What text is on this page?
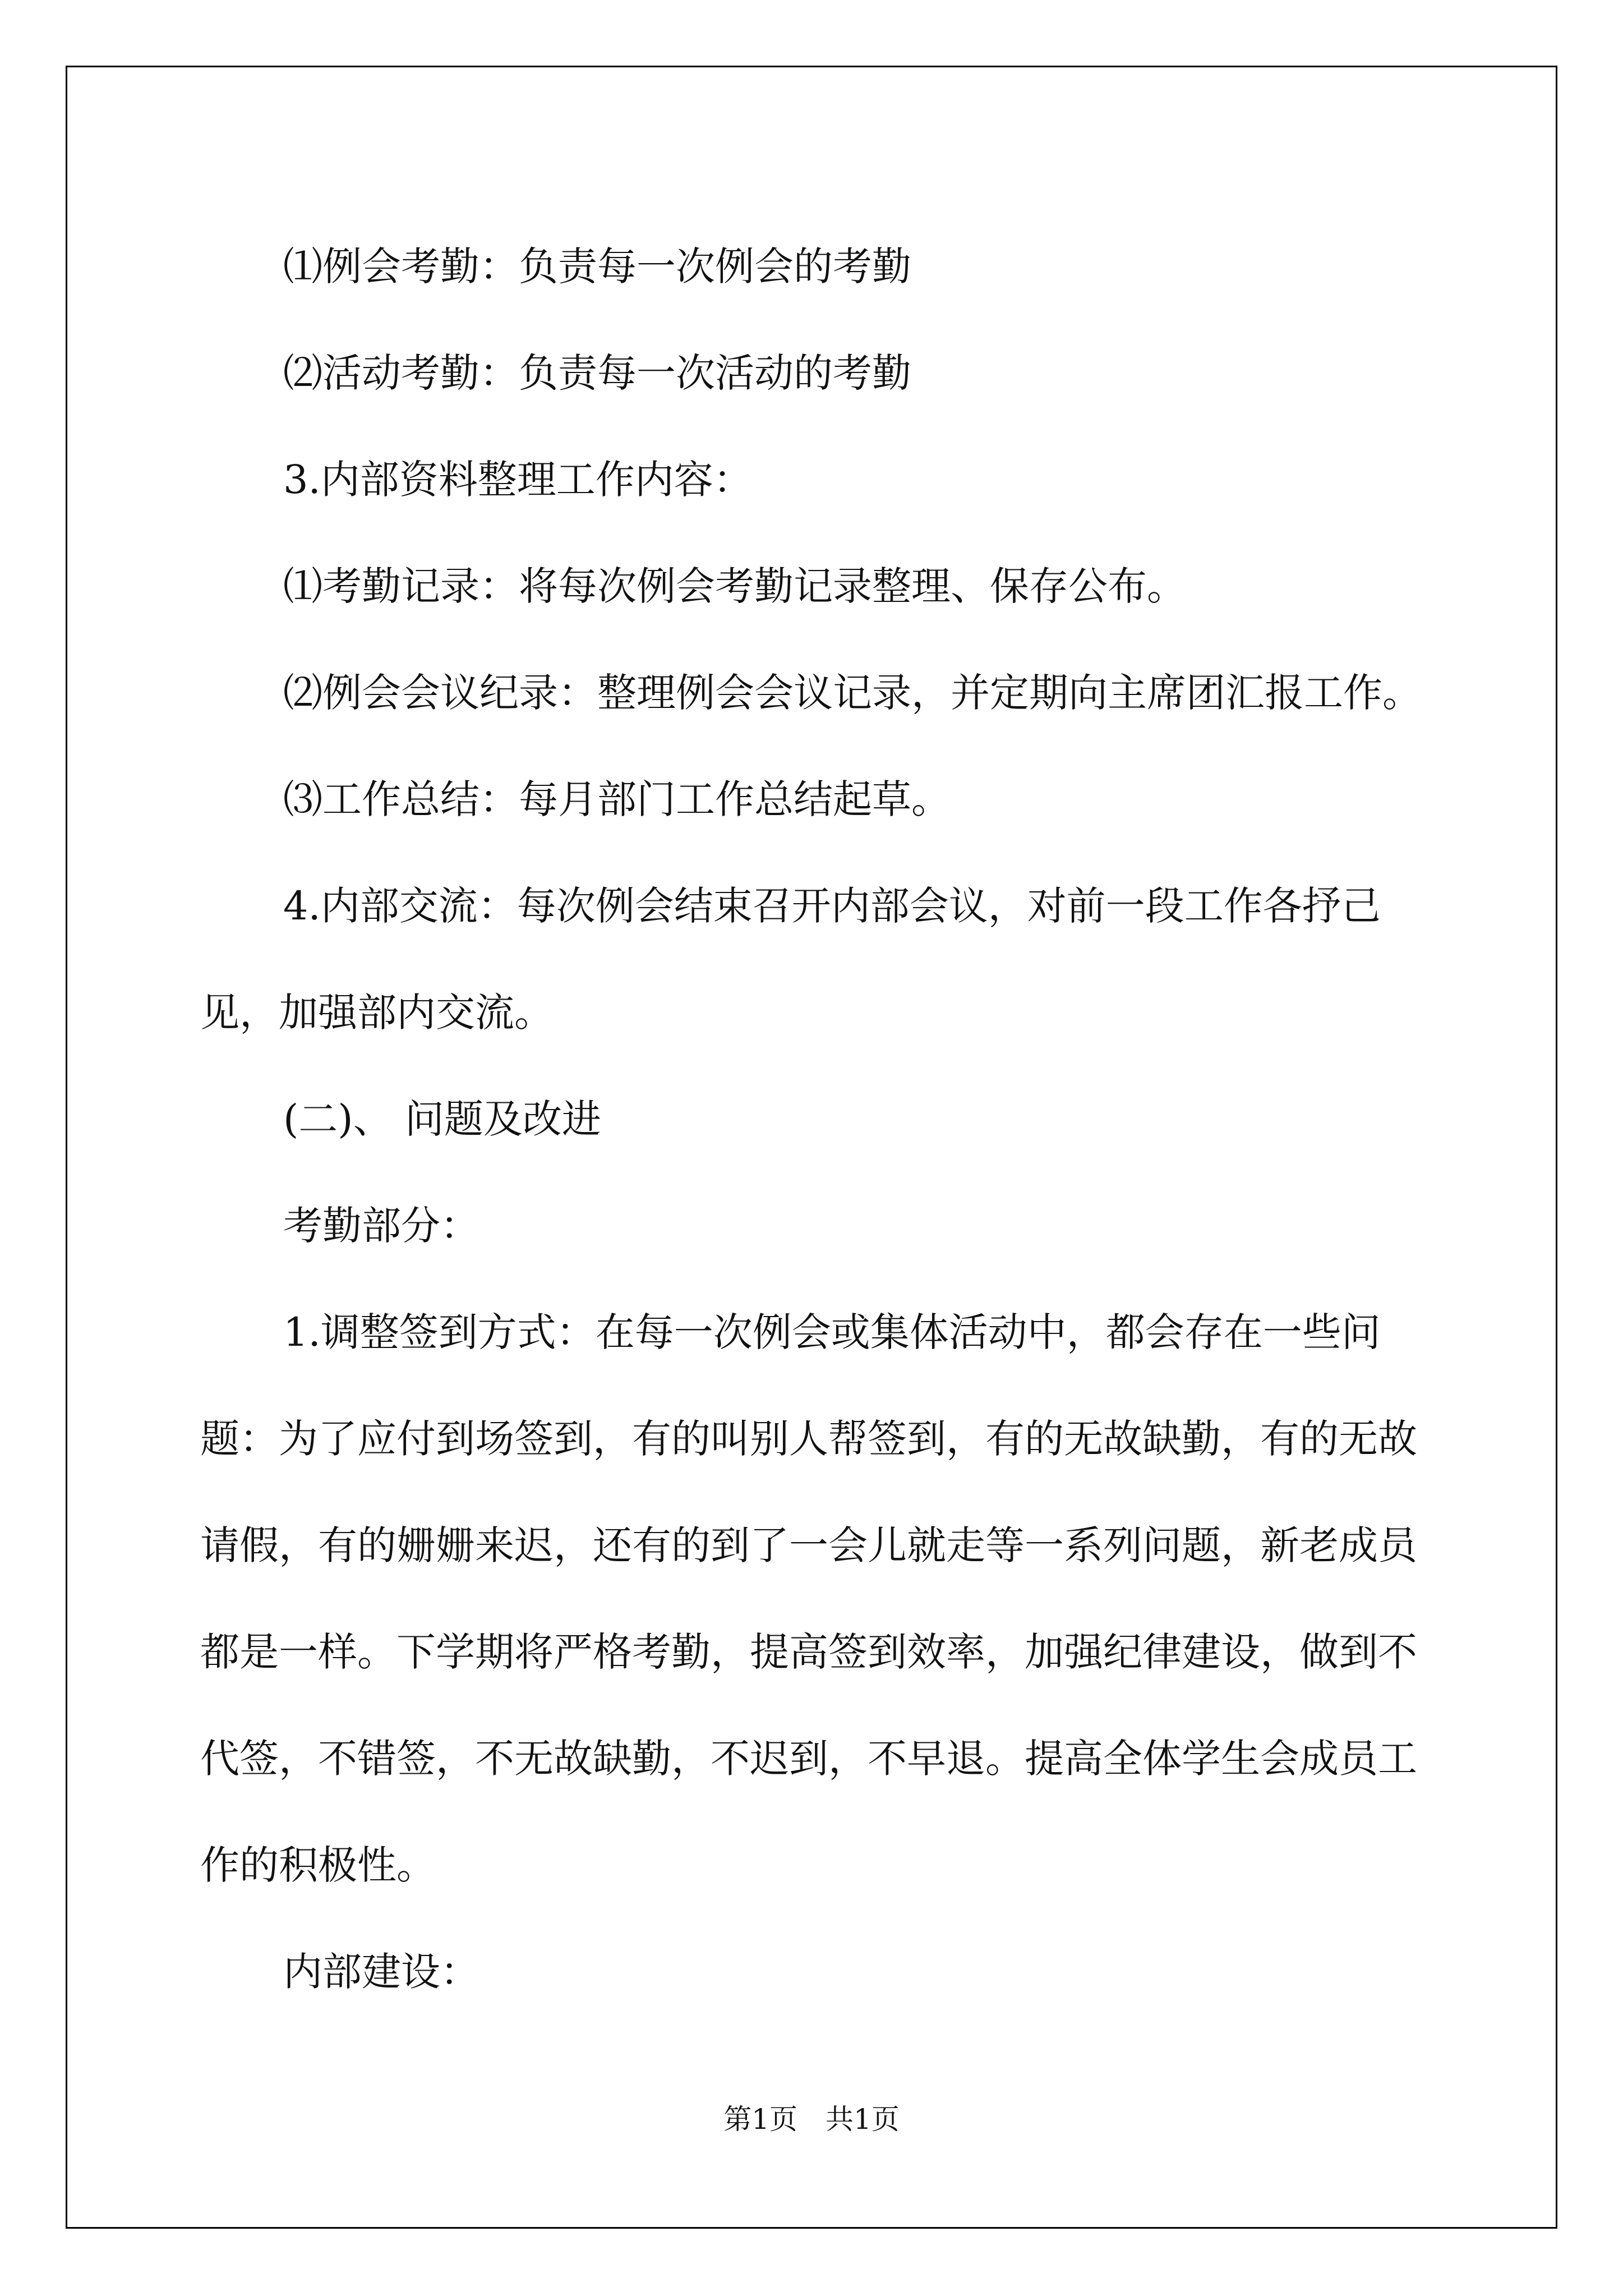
⑴例会考勤：负责每一次例会的考勤

⑵活动考勤：负责每一次活动的考勤

3.内部资料整理工作内容：

⑴考勤记录：将每次例会考勤记录整理、保存公布。

⑵例会会议纪录：整理例会会议记录，并定期向主席团汇报工作。

⑶工作总结：每月部门工作总结起草。

4.内部交流：每次例会结束召开内部会议，对前一段工作各抒己见，加强部内交流。

(二)、 问题及改进

考勤部分：

1.调整签到方式：在每一次例会或集体活动中，都会存在一些问题：为了应付到场签到，有的叫别人帮签到，有的无故缺勤，有的无故请假，有的姗姗来迟，还有的到了一会儿就走等一系列问题，新老成员都是一样。下学期将严格考勤，提高签到效率，加强纪律建设，做到不代签，不错签，不无故缺勤，不迟到，不早退。提高全体学生会成员工作的积极性。

内部建设：

第1页　共1页
